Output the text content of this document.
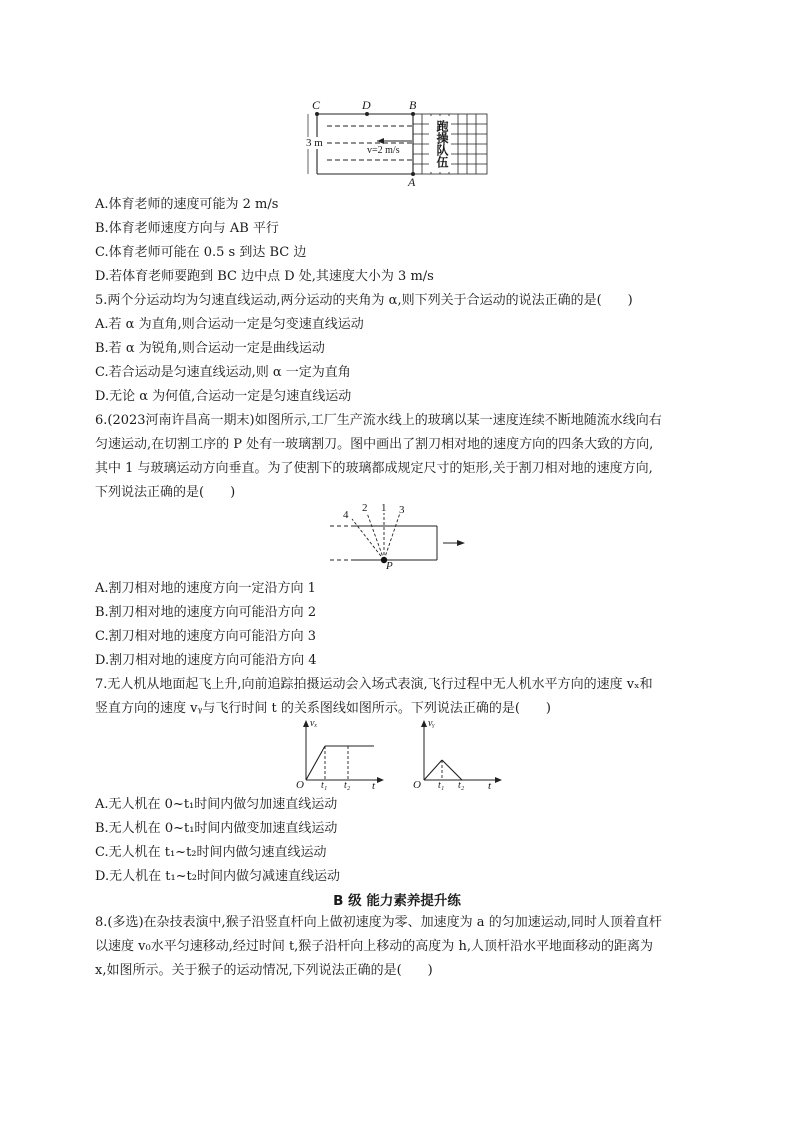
C	D	B
A
3 m
v=2 m/s	跑操队伍
A.体育老师的速度可能为 2 m/s
B.体育老师速度方向与 AB 平行
C.体育老师可能在 0.5 s 到达 BC 边
D.若体育老师要跑到 BC 边中点 D 处,其速度大小为 3 m/s
5.两个分运动均为匀速直线运动,两分运动的夹角为 α,则下列关于合运动的说法正确的是(　　)
A.若 α 为直角,则合运动一定是匀变速直线运动
B.若 α 为锐角,则合运动一定是曲线运动
C.若合运动是匀速直线运动,则 α 一定为直角
D.无论 α 为何值,合运动一定是匀速直线运动
6.(2023河南许昌高一期末)如图所示,工厂生产流水线上的玻璃以某一速度连续不断地随流水线向右
匀速运动,在切割工序的 P 处有一玻璃割刀。图中画出了割刀相对地的速度方向的四条大致的方向,
其中 1 与玻璃运动方向垂直。为了使割下的玻璃都成规定尺寸的矩形,关于割刀相对地的速度方向,
下列说法正确的是(　　)
4
2 1 3
P
A.割刀相对地的速度方向一定沿方向 1
B.割刀相对地的速度方向可能沿方向 2
C.割刀相对地的速度方向可能沿方向 3
D.割刀相对地的速度方向可能沿方向 4
7.无人机从地面起飞上升,向前追踪拍摄运动会入场式表演,飞行过程中无人机水平方向的速度 vₓ和
竖直方向的速度 vᵧ与飞行时间 t 的关系图线如图所示。下列说法正确的是(　　)
vₓ
O t₁ t₂ t
vᵧ
O t₁ t₂ t
A.无人机在 0~t₁时间内做匀加速直线运动
B.无人机在 0~t₁时间内做变加速直线运动
C.无人机在 t₁~t₂时间内做匀速直线运动
D.无人机在 t₁~t₂时间内做匀减速直线运动
B 级 能力素养提升练
8.(多选)在杂技表演中,猴子沿竖直杆向上做初速度为零、加速度为 a 的匀加速运动,同时人顶着直杆
以速度 v₀水平匀速移动,经过时间 t,猴子沿杆向上移动的高度为 h,人顶杆沿水平地面移动的距离为
x,如图所示。关于猴子的运动情况,下列说法正确的是(　　)
